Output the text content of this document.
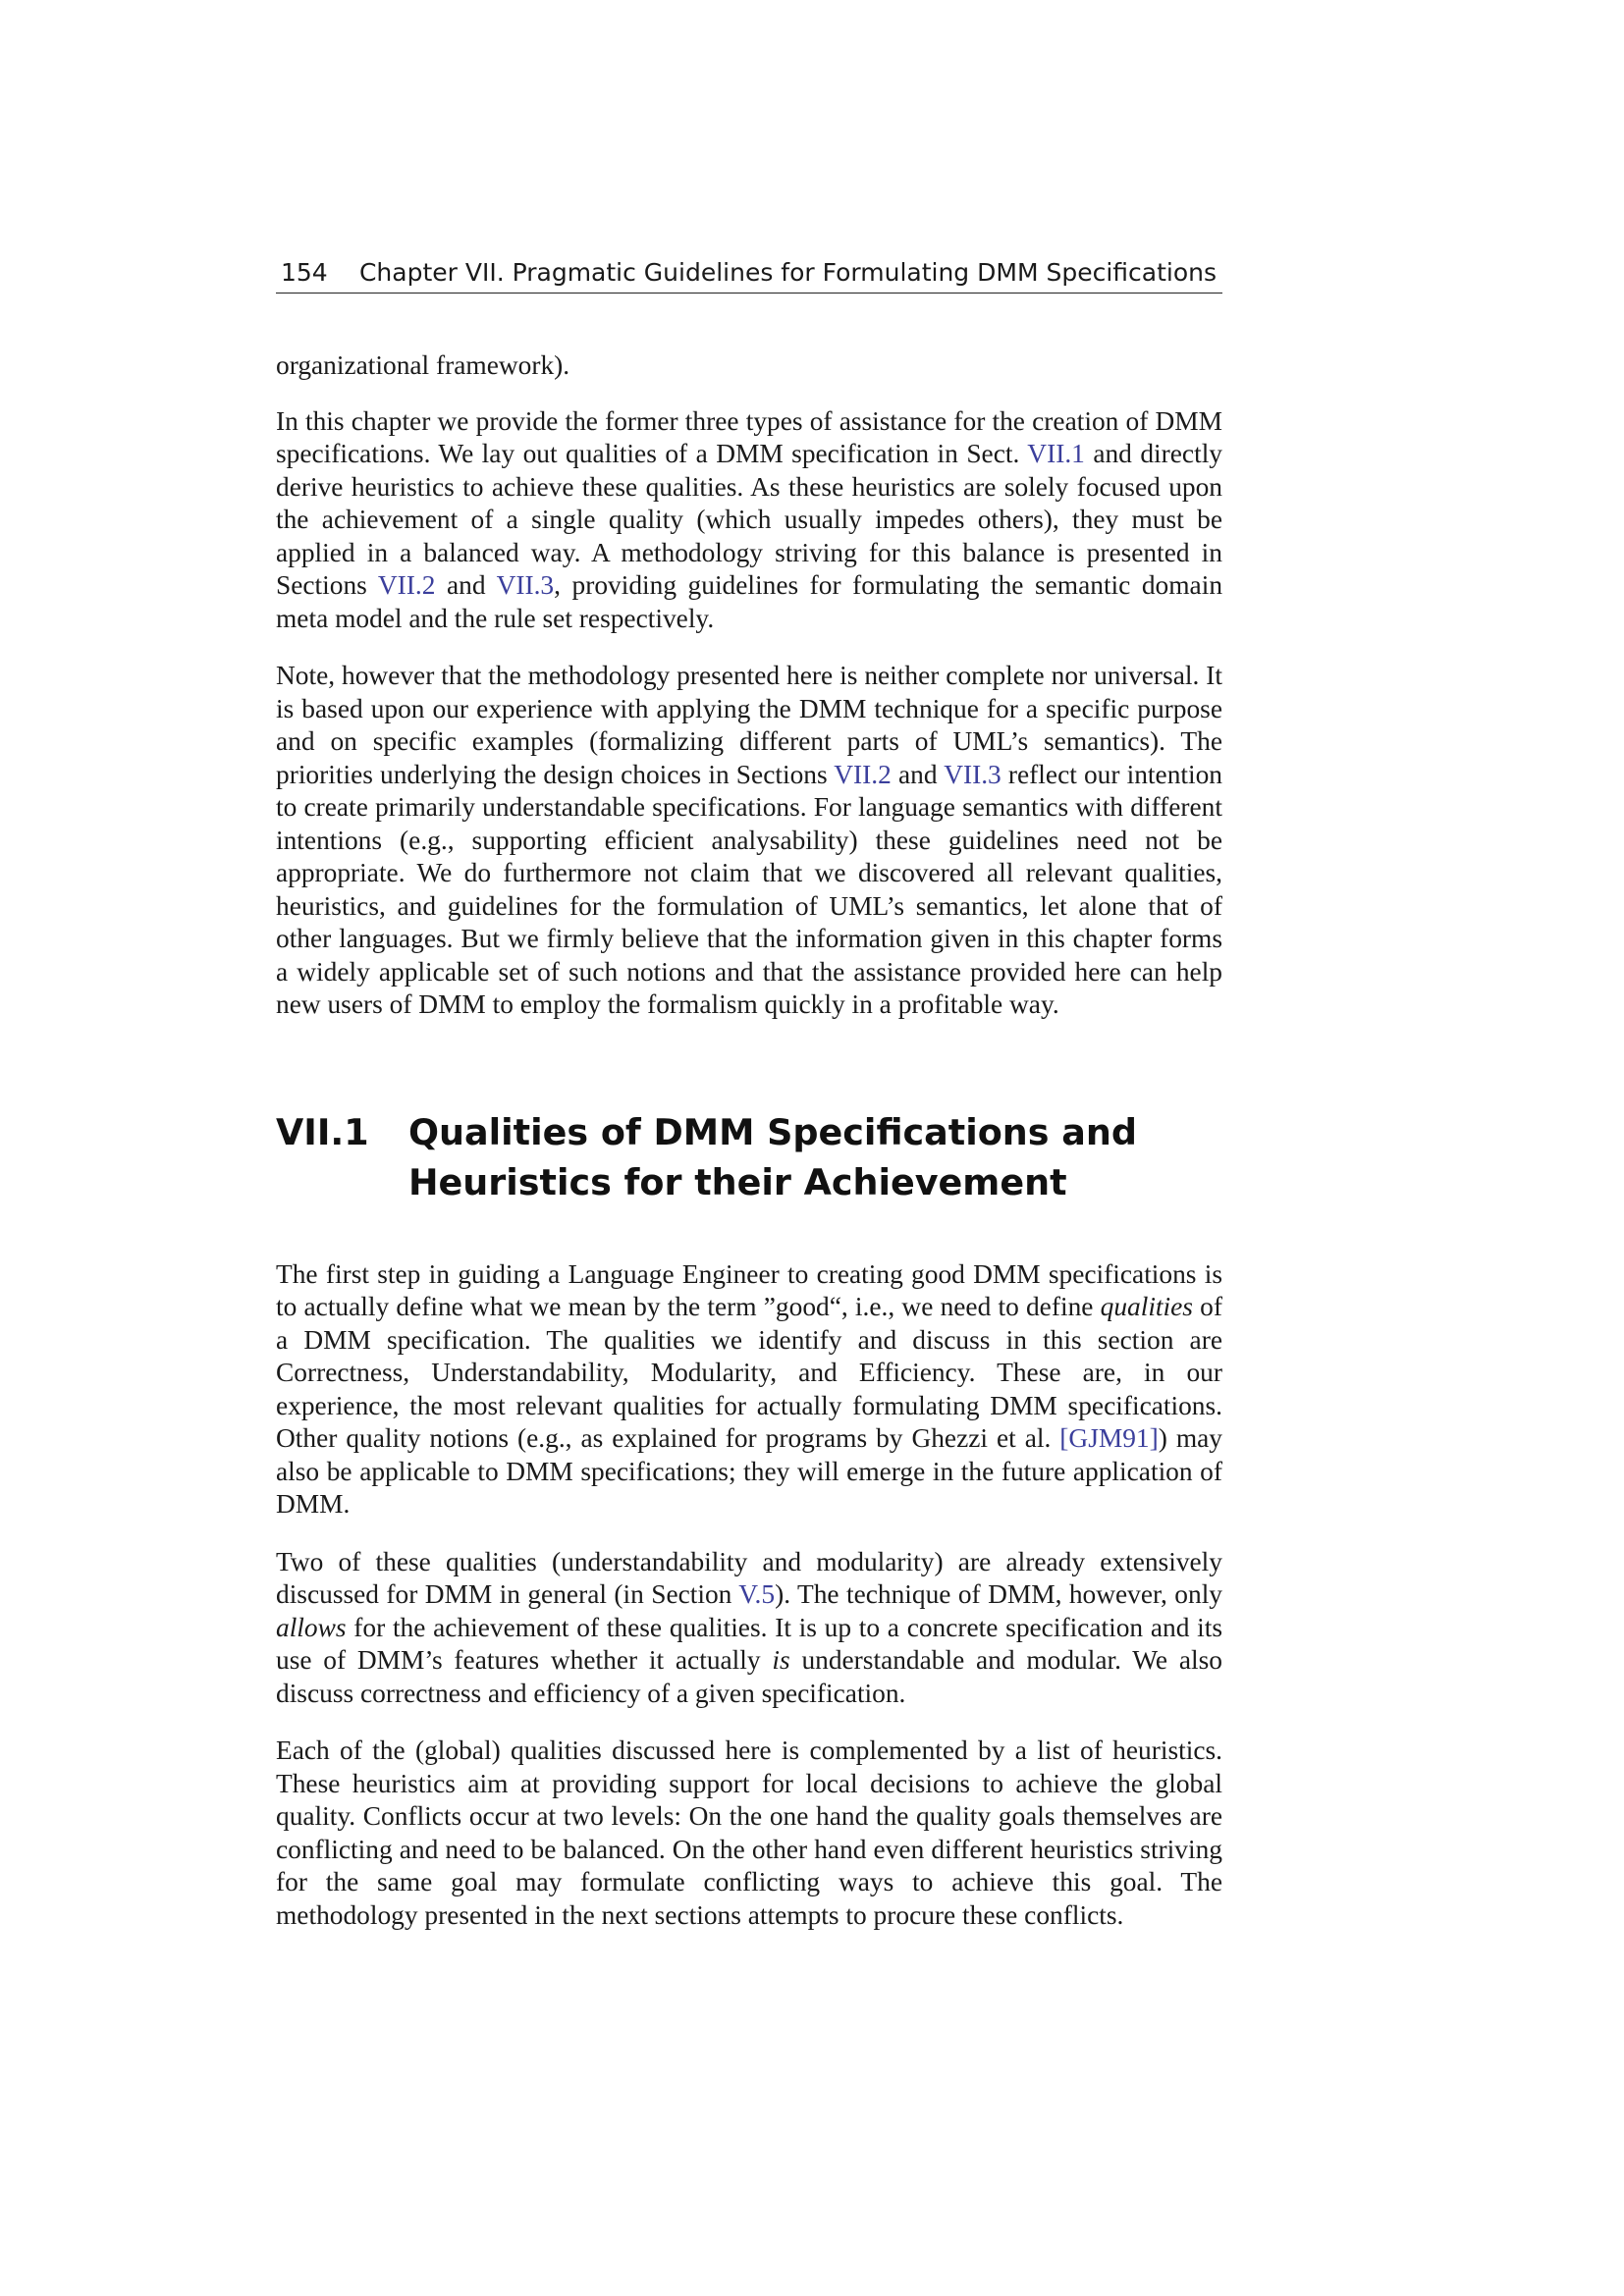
154 Chapter VII. Pragmatic Guidelines for Formulating DMM Specifications

organizational framework).

In this chapter we provide the former three types of assistance for the creation of DMM specifications. We lay out qualities of a DMM specification in Sect. VII.1 and directly derive heuristics to achieve these qualities. As these heuristics are solely focused upon the achievement of a single quality (which usually impedes others), they must be applied in a balanced way. A methodology striving for this balance is presented in Sections VII.2 and VII.3, providing guidelines for formulating the semantic domain meta model and the rule set respectively.

Note, however that the methodology presented here is neither complete nor universal. It is based upon our experience with applying the DMM technique for a specific purpose and on specific examples (formalizing different parts of UML’s semantics). The priorities underlying the design choices in Sections VII.2 and VII.3 reflect our intention to create primarily understandable specifications. For language semantics with different intentions (e.g., supporting efficient analysability) these guidelines need not be appropriate. We do furthermore not claim that we discovered all relevant qualities, heuristics, and guidelines for the formulation of UML’s semantics, let alone that of other languages. But we firmly believe that the information given in this chapter forms a widely applicable set of such notions and that the assistance provided here can help new users of DMM to employ the formalism quickly in a profitable way.

VII.1 Qualities of DMM Specifications and Heuristics for their Achievement

The first step in guiding a Language Engineer to creating good DMM specifications is to actually define what we mean by the term ”good“, i.e., we need to define qualities of a DMM specification. The qualities we identify and discuss in this section are Correctness, Understandability, Modularity, and Efficiency. These are, in our experience, the most relevant qualities for actually formulating DMM specifications. Other quality notions (e.g., as explained for programs by Ghezzi et al. [GJM91]) may also be applicable to DMM specifications; they will emerge in the future application of DMM.

Two of these qualities (understandability and modularity) are already extensively discussed for DMM in general (in Section V.5). The technique of DMM, however, only allows for the achievement of these qualities. It is up to a concrete specification and its use of DMM’s features whether it actually is understandable and modular. We also discuss correctness and efficiency of a given specification.

Each of the (global) qualities discussed here is complemented by a list of heuristics. These heuristics aim at providing support for local decisions to achieve the global quality. Conflicts occur at two levels: On the one hand the quality goals themselves are conflicting and need to be balanced. On the other hand even different heuristics striving for the same goal may formulate conflicting ways to achieve this goal. The methodology presented in the next sections attempts to procure these conflicts.
